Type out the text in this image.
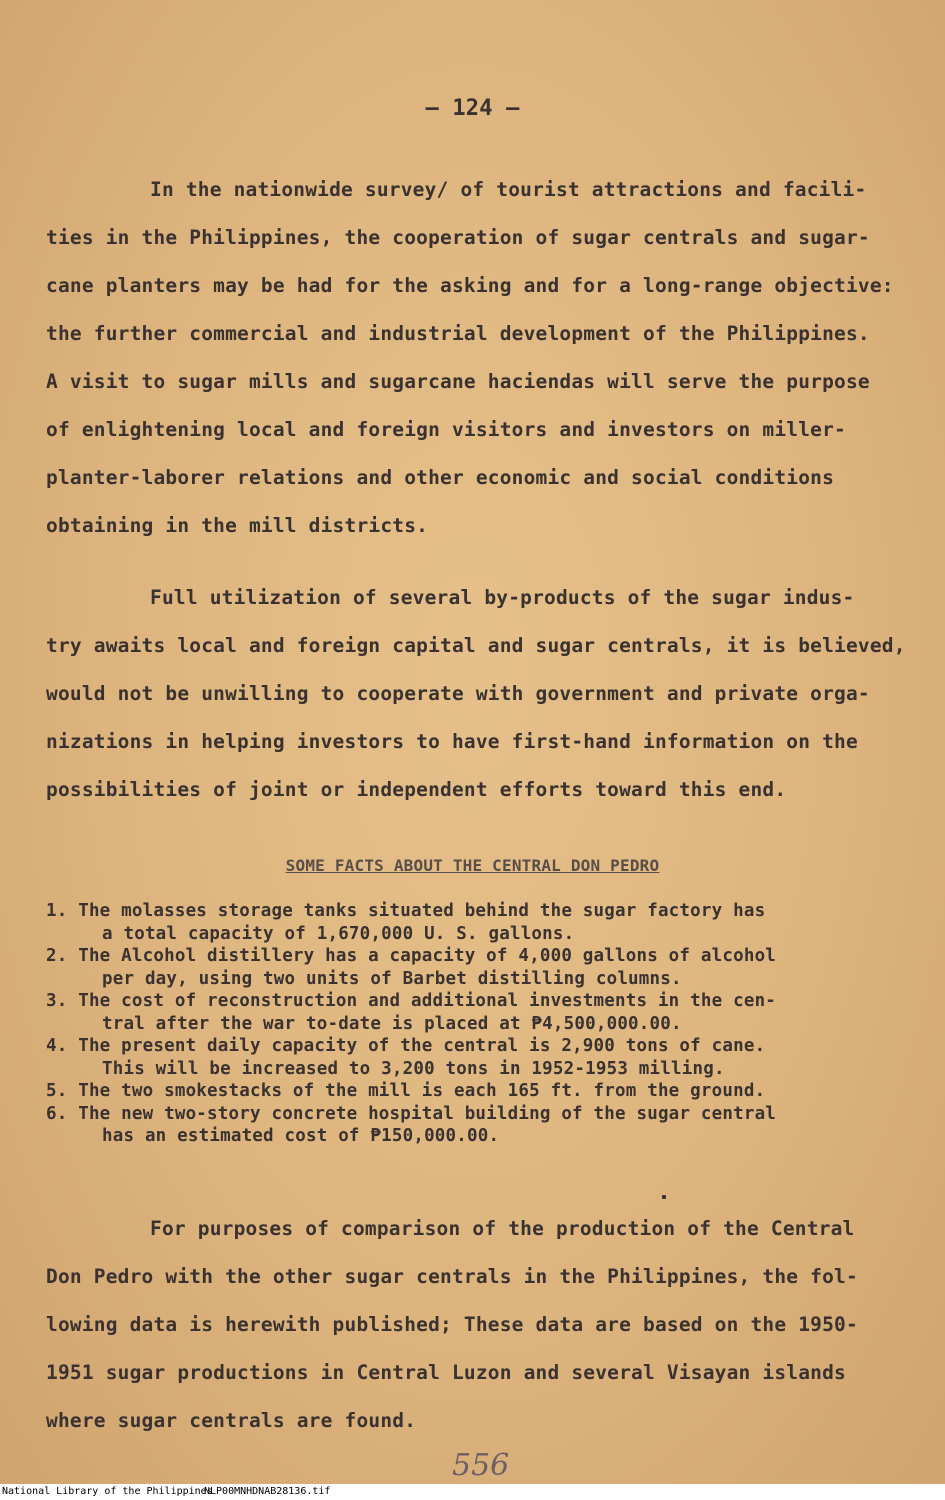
— 124 —

In the nationwide survey/ of tourist attractions and facili-

ties in the Philippines, the cooperation of sugar centrals and sugar-

cane planters may be had for the asking and for a long-range objective:

the further commercial and industrial development of the Philippines.

A visit to sugar mills and sugarcane haciendas will serve the purpose

of enlightening local and foreign visitors and investors on miller-

planter-laborer relations and other economic and social conditions

obtaining in the mill districts.

Full utilization of several by-products of the sugar indus-

try awaits local and foreign capital and sugar centrals, it is believed,

would not be unwilling to cooperate with government and private orga-

nizations in helping investors to have first-hand information on the

possibilities of joint or independent efforts toward this end.

SOME FACTS ABOUT THE CENTRAL DON PEDRO
1. The molasses storage tanks situated behind the sugar factory has
a total capacity of 1,670,000 U. S. gallons.
2. The Alcohol distillery has a capacity of 4,000 gallons of alcohol
per day, using two units of Barbet distilling columns.
3. The cost of reconstruction and additional investments in the cen-
tral after the war to-date is placed at ₱4,500,000.00.
4. The present daily capacity of the central is 2,900 tons of cane.
This will be increased to 3,200 tons in 1952-1953 milling.
5. The two smokestacks of the mill is each 165 ft. from the ground.
6. The new two-story concrete hospital building of the sugar central
has an estimated cost of ₱150,000.00.

For purposes of comparison of the production of the Central

Don Pedro with the other sugar centrals in the Philippines, the fol-

lowing data is herewith published; These data are based on the 1950-

1951 sugar productions in Central Luzon and several Visayan islands

where sugar centrals are found.

556
National Library of the Philippines
NLP00MNHDNAB28136.tif
